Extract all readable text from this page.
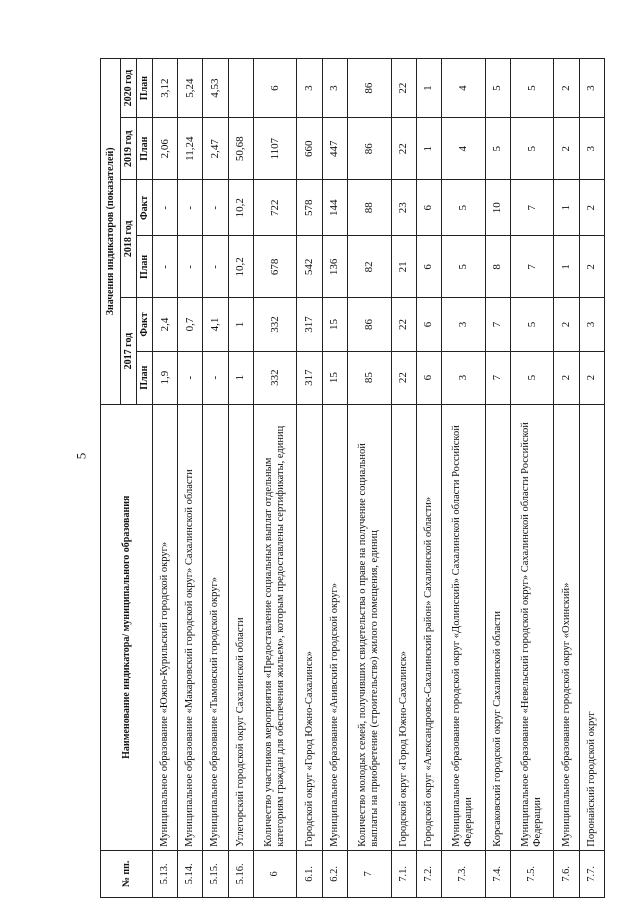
5
№ пп.	Наименование индикатора/ муниципального образования	Значения индикаторов (показателей)					
		2017 год		2018 год		2019 год	2020 год
		План	Факт	План	Факт	План	План
5.13.	Муниципальное образование «Южно-Курильский городской округ»	1,9	2,4	-	-	2,06	3,12
5.14.	Муниципальное образование «Макаровский городской округ» Сахалинской области	-	0,7	-	-	11,24	5,24
5.15.	Муниципальное образование «Тымовский городской округ»	-	4,1	-	-	2,47	4,53
5.16.	Углегорский городской округ Сахалинской области	1	1	10,2	10,2	50,68	
6	Количество участников мероприятия «Предоставление социальных выплат отдельным категориям граждан для обеспечения жильем», которым предоставлены сертификаты, единиц	332	332	678	722	1107	6
6.1.	Городской округ «Город Южно-Сахалинск»	317	317	542	578	660	3
6.2.	Муниципальное образование «Анивский городской округ»	15	15	136	144	447	3
7	Количество молодых семей, получивших свидетельства о праве на получение социальной выплаты на приобретение (строительство) жилого помещения, единиц	85	86	82	88	86	86
7.1.	Городской округ «Город Южно-Сахалинск»	22	22	21	23	22	22
7.2.	Городской округ «Александровск-Сахалинский район» Сахалинской области»	6	6	6	6	1	1
7.3.	Муниципальное образование городской округ «Долинский» Сахалинской области Российской Федерации	3	3	5	5	4	4
7.4.	Корсаковский городской округ Сахалинской области	7	7	8	10	5	5
7.5.	Муниципальное образование «Невельский городской округ» Сахалинской области Российской Федерации	5	5	7	7	5	5
7.6.	Муниципальное образование городской округ «Охинский»	2	2	1	1	2	2
7.7.	Поронайский городской округ	2	3	2	2	3	3
